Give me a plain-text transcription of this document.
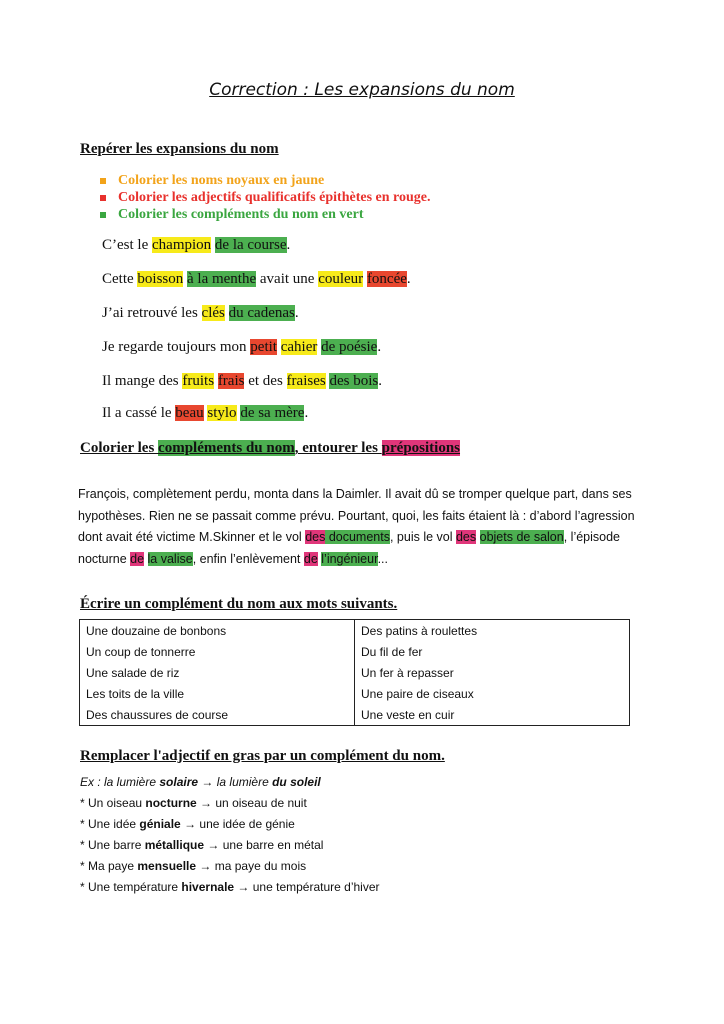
Correction : Les expansions du nom
Repérer les expansions du nom
Colorier les noms noyaux en jaune
Colorier les adjectifs qualificatifs épithètes en rouge.
Colorier les compléments du nom en vert
C’est le champion de la course.
Cette boisson à la menthe avait une couleur foncée.
J’ai retrouvé les clés du cadenas.
Je regarde toujours mon petit cahier de poésie.
Il mange des fruits frais et des fraises des bois.
Il a cassé le beau stylo de sa mère.
Colorier les compléments du nom, entourer les prépositions

François, complètement perdu, monta dans la Daimler. Il avait dû se tromper quelque part, dans ses

hypothèses. Rien ne se passait comme prévu. Pourtant, quoi, les faits étaient là : d’abord l’agression

dont avait été victime M.Skinner et le vol des documents, puis le vol des objets de salon, l’épisode

nocturne de la valise, enfin l’enlèvement de l’ingénieur...

Écrire un complément du nom aux mots suivants.
Une douzaine de bonbons	Des patins à roulettes
Un coup de tonnerre	Du fil de fer
Une salade de riz	Un fer à repasser
Les toits de la ville	Une paire de ciseaux
Des chaussures de course	Une veste en cuir
Remplacer l'adjectif en gras par un complément du nom.
Ex : la lumière solaire → la lumière du soleil
* Un oiseau nocturne → un oiseau de nuit
* Une idée géniale → une idée de génie
* Une barre métallique → une barre en métal
* Ma paye mensuelle → ma paye du mois
* Une température hivernale → une température d’hiver
